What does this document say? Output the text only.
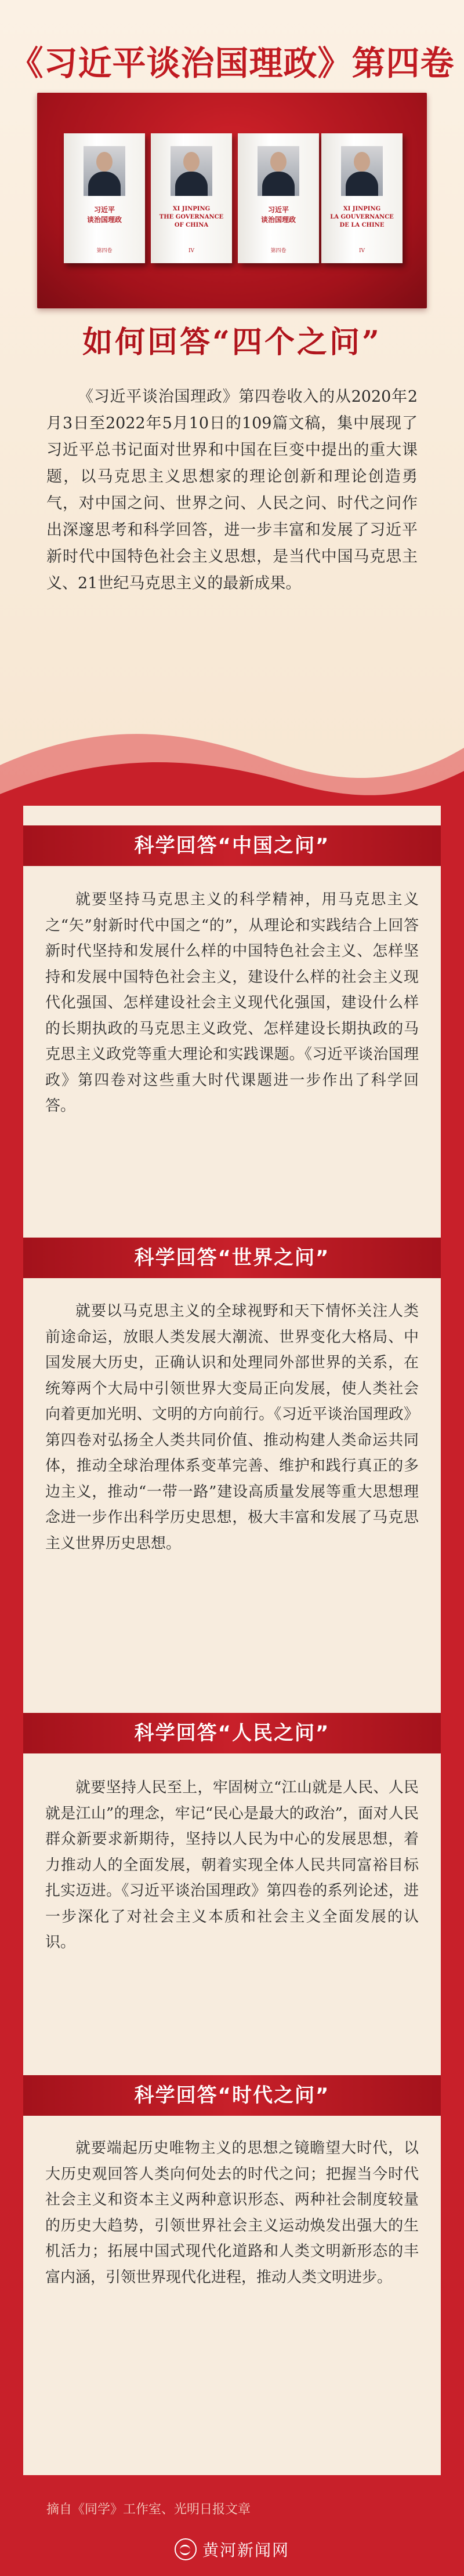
《习近平谈治国理政》第四卷
习近平
谈治国理政
第四卷
XI JINPING
THE GOVERNANCE
OF CHINA
IV
习近平
谈治国理政
第四卷
XI JINPING
LA GOUVERNANCE
DE LA CHINE
IV
如何回答“四个之问”

《习近平谈治国理政》第四卷收入的从2020年2月3日至2022年5月10日的109篇文稿，集中展现了习近平总书记面对世界和中国在巨变中提出的重大课题，以马克思主义思想家的理论创新和理论创造勇气，对中国之问、世界之问、人民之问、时代之问作出深邃思考和科学回答，进一步丰富和发展了习近平新时代中国特色社会主义思想，是当代中国马克思主义、21世纪马克思主义的最新成果。

科学回答“中国之问”

就要坚持马克思主义的科学精神，用马克思主义之“矢”射新时代中国之“的”，从理论和实践结合上回答新时代坚持和发展什么样的中国特色社会主义、怎样坚持和发展中国特色社会主义，建设什么样的社会主义现代化强国、怎样建设社会主义现代化强国，建设什么样的长期执政的马克思主义政党、怎样建设长期执政的马克思主义政党等重大理论和实践课题。《习近平谈治国理政》第四卷对这些重大时代课题进一步作出了科学回答。

科学回答“世界之问”

就要以马克思主义的全球视野和天下情怀关注人类前途命运，放眼人类发展大潮流、世界变化大格局、中国发展大历史，正确认识和处理同外部世界的关系，在统筹两个大局中引领世界大变局正向发展，使人类社会向着更加光明、文明的方向前行。《习近平谈治国理政》第四卷对弘扬全人类共同价值、推动构建人类命运共同体，推动全球治理体系变革完善、维护和践行真正的多边主义，推动“一带一路”建设高质量发展等重大思想理念进一步作出科学历史思想，极大丰富和发展了马克思主义世界历史思想。

科学回答“人民之问”

就要坚持人民至上，牢固树立“江山就是人民、人民就是江山”的理念，牢记“民心是最大的政治”，面对人民群众新要求新期待，坚持以人民为中心的发展思想，着力推动人的全面发展，朝着实现全体人民共同富裕目标扎实迈进。《习近平谈治国理政》第四卷的系列论述，进一步深化了对社会主义本质和社会主义全面发展的认识。

科学回答“时代之问”

就要端起历史唯物主义的思想之镜瞻望大时代，以大历史观回答人类向何处去的时代之问；把握当今时代社会主义和资本主义两种意识形态、两种社会制度较量的历史大趋势，引领世界社会主义运动焕发出强大的生机活力；拓展中国式现代化道路和人类文明新形态的丰富内涵，引领世界现代化进程，推动人类文明进步。

摘自《同学》工作室、光明日报文章
黄河新闻网
